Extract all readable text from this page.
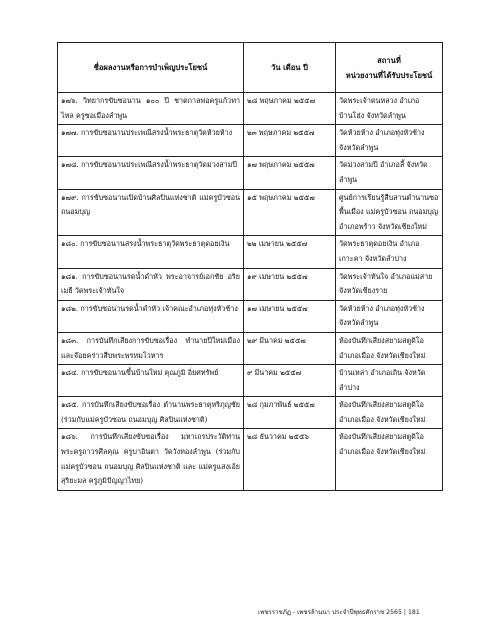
ชื่อผลงานหรือการบำเพ็ญประโยชน์	วัน เดือน ปี	สถานที่
หน่วยงานที่ได้รับประโยชน์

๑๗๖. วิทยากรขับซอนาน ๑๐๐ ปี ชาตกาลพ่อครูแก้วทาไหล ครูซอเมืองลำพูน	๒๘ พฤษภาคม ๒๕๕๗	วัดพระเจ้าตนหลวง อำเภอบ้านโฮ่ง จังหวัดลำพูน

๑๗๗. การขับซอนานประเพณีสรงน้ำพระธาตุวัดห้วยห้าง	๒๓ พฤษภาคม ๒๕๕๗	วัดห้วยห้าง อำเภอทุ่งหัวช้าง จังหวัดลำพูน

๑๗๘. การขับซอนานประเพณีสรงน้ำพระธาตุวัดม่วงสามปี	๑๗ พฤษภาคม ๒๕๕๗	วัดม่วงสามปี อำเภอลี้ จังหวัดลำพูน

๑๗๙. การขับซอนานเปิดบ้านศิลปินแห่งชาติ แม่ครูบัวซอน ถนอมบุญ	๑๕ พฤษภาคม ๒๕๕๗	ศูนย์การเรียนรู้สืบสานตำนานซอพื้นเมือง แม่ครูบัวซอน ถนอมบุญ อำเภอพร้าว จังหวัดเชียงใหม่

๑๘๐. การขับซอนานสรงน้ำพระธาตุวัดพระธาตุดอยเงิน	๒๒ เมษายน ๒๕๕๗	วัดพระธาตุดอยเงิน อำเภอเกาะคา จังหวัดลำปาง

๑๘๑. การขับซอนานรดน้ำดำหัว พระอาจารย์เอกชัย อริยเมธี วัดพระเจ้าทันใจ	๑๙ เมษายน ๒๕๕๗	วัดพระเจ้าทันใจ อำเภอแม่สาย จังหวัดเชียงราย

๑๘๒. การขับซอนานรดน้ำดำหัว เจ้าคณะอำเภอทุ่งหัวช้าง	๑๗ เมษายน ๒๕๕๗	วัดห้วยห้าง อำเภอทุ่งหัวช้าง จังหวัดลำพูน

๑๘๓. การบันทึกเสียงการขับซอเรื่อง ทำนายปีใหม่เมือง และจ๊อยคร่าวสืบพระพรหมโวหาร	๒๙ มีนาคม ๒๕๕๗	ห้องบันทึกเสียงสยามสตูดิโอ อำเภอเมือง จังหวัดเชียงใหม่

๑๘๔. การขับซอนานขึ้นบ้านใหม่ คุณภูมิ อิ่ยศทรัพย์	๙ มีนาคม ๒๕๕๗	บ้านเหล่า อำเภอเถิน จังหวัดลำปาง

๑๘๕. การบันทึกเสียงขับซอเรื่อง ตำนานพระธาตุหริภุญชัย (ร่วมกับแม่ครูบัวซอน ถนอมบุญ ศิลปินแห่งชาติ)	๒๘ กุมภาพันธ์ ๒๕๕๗	ห้องบันทึกเสียงสยามสตูดิโอ อำเภอเมือง จังหวัดเชียงใหม่

๑๘๖. การบันทึกเสียงขับซอเรื่อง มหาเถรประวัติท่านพระครูถาวรศีลคุณ ครูบาอินตา วัดวังทองลำพูน (ร่วมกับแม่ครูบัวซอน ถนอมบุญ ศิลปินแห่งชาติ และ แม่ครูแสงเอ้ย สุริยะมล ครูภูมิปัญญาไทย)	๒๘ ธันวาคม ๒๕๕๖	ห้องบันทึกเสียงสยามสตูดิโอ อำเภอเมือง จังหวัดเชียงใหม่
เพชรราชภัฏ - เพชรล้านนา ประจำปีพุทธศักราช 2565 | 181
